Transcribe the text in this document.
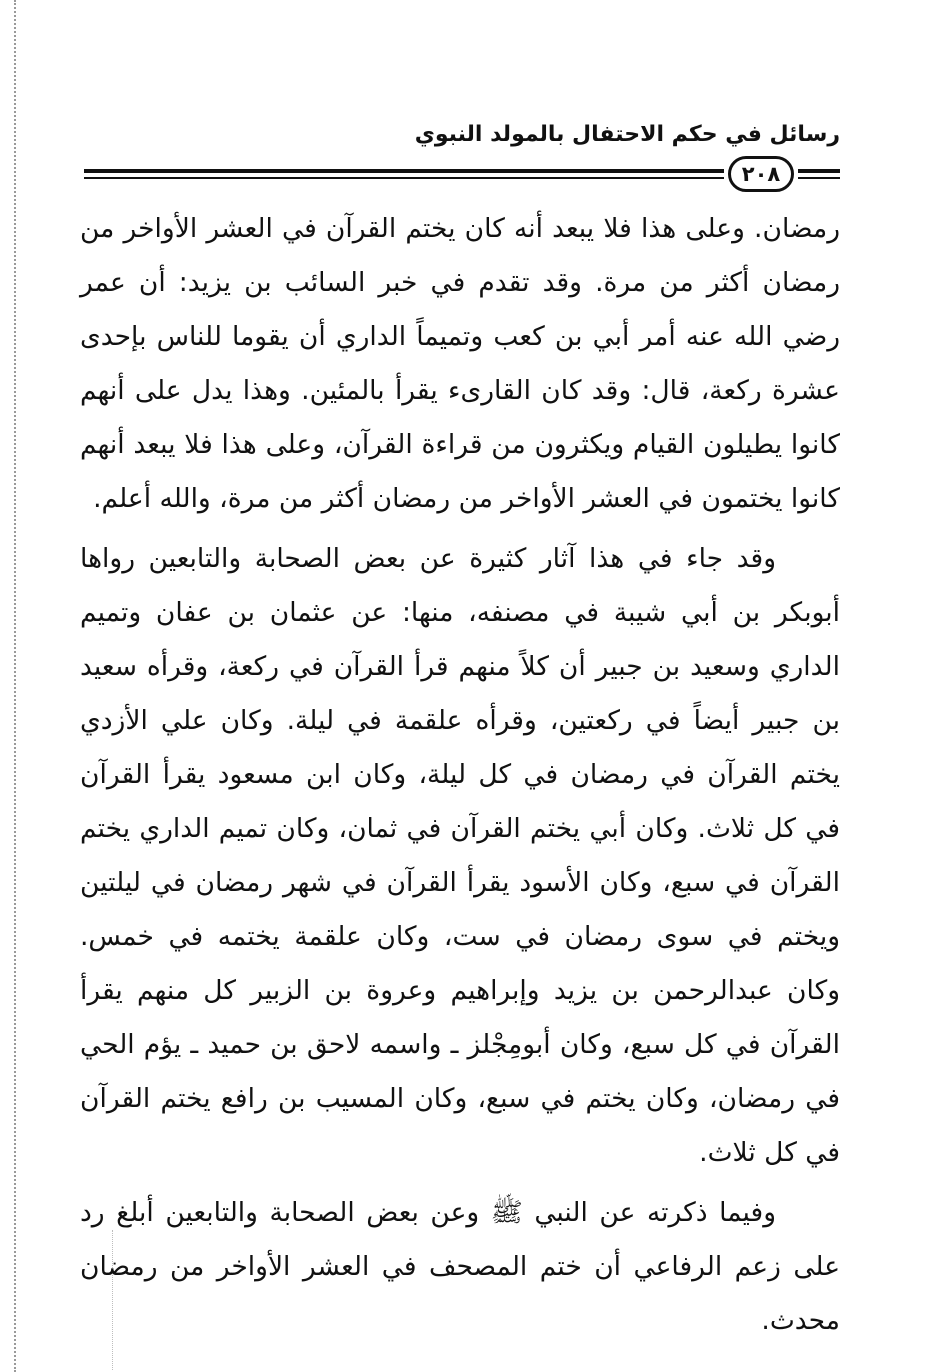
رسائل في حكم الاحتفال بالمولد النبوي
٢٠٨

رمضان. وعلى هذا فلا يبعد أنه كان يختم القرآن في العشر الأواخر من رمضان أكثر من مرة. وقد تقدم في خبر السائب بن يزيد: أن عمر رضي الله عنه أمر أبي بن كعب وتميماً الداري أن يقوما للناس بإحدى عشرة ركعة، قال: وقد كان القارىء يقرأ بالمئين. وهذا يدل على أنهم كانوا يطيلون القيام ويكثرون من قراءة القرآن، وعلى هذا فلا يبعد أنهم كانوا يختمون في العشر الأواخر من رمضان أكثر من مرة، والله أعلم.

وقد جاء في هذا آثار كثيرة عن بعض الصحابة والتابعين رواها أبوبكر بن أبي شيبة في مصنفه، منها: عن عثمان بن عفان وتميم الداري وسعيد بن جبير أن كلاً منهم قرأ القرآن في ركعة، وقرأه سعيد بن جبير أيضاً في ركعتين، وقرأه علقمة في ليلة. وكان علي الأزدي يختم القرآن في رمضان في كل ليلة، وكان ابن مسعود يقرأ القرآن في كل ثلاث. وكان أبي يختم القرآن في ثمان، وكان تميم الداري يختم القرآن في سبع، وكان الأسود يقرأ القرآن في شهر رمضان في ليلتين ويختم في سوى رمضان في ست، وكان علقمة يختمه في خمس. وكان عبدالرحمن بن يزيد وإبراهيم وعروة بن الزبير كل منهم يقرأ القرآن في كل سبع، وكان أبومِجْلز ـ واسمه لاحق بن حميد ـ يؤم الحي في رمضان، وكان يختم في سبع، وكان المسيب بن رافع يختم القرآن في كل ثلاث.

وفيما ذكرته عن النبي ﷺ وعن بعض الصحابة والتابعين أبلغ رد على زعم الرفاعي أن ختم المصحف في العشر الأواخر من رمضان محدث.
